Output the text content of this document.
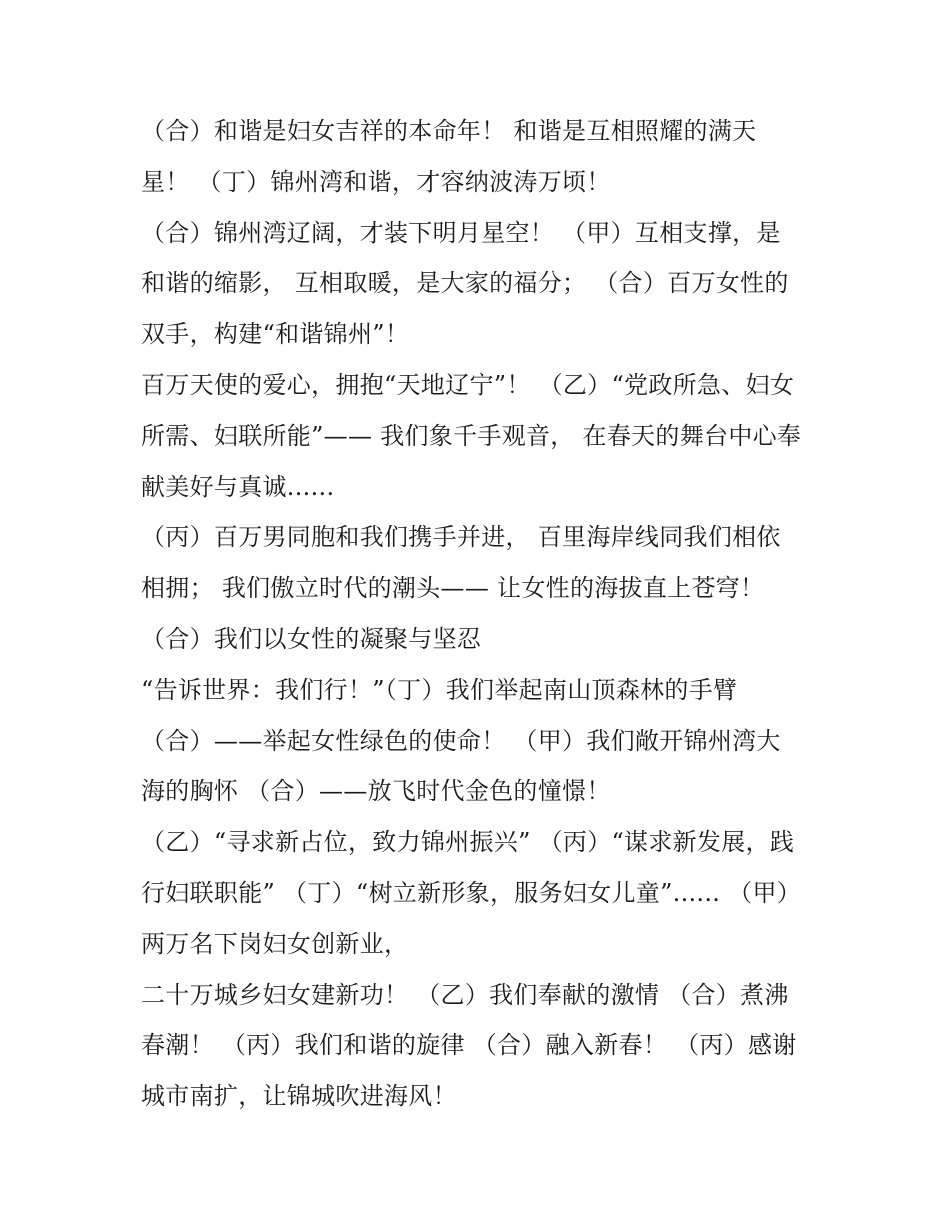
（合）和谐是妇女吉祥的本命年！ 和谐是互相照耀的满天
星！ （丁）锦州湾和谐，才容纳波涛万顷！
（合）锦州湾辽阔，才装下明月星空！ （甲）互相支撑，是
和谐的缩影， 互相取暖，是大家的福分； （合）百万女性的
双手，构建“和谐锦州”！
百万天使的爱心，拥抱“天地辽宁”！ （乙）“党政所急、妇女
所需、妇联所能”—— 我们象千手观音， 在春天的舞台中心奉
献美好与真诚......
（丙）百万男同胞和我们携手并进， 百里海岸线同我们相依
相拥； 我们傲立时代的潮头—— 让女性的海拔直上苍穹！
（合）我们以女性的凝聚与坚忍
“告诉世界：我们行！”（丁）我们举起南山顶森林的手臂
（合）——举起女性绿色的使命！ （甲）我们敞开锦州湾大
海的胸怀 （合）——放飞时代金色的憧憬！
（乙）“寻求新占位，致力锦州振兴” （丙）“谋求新发展，践
行妇联职能” （丁）“树立新形象，服务妇女儿童”...... （甲）
两万名下岗妇女创新业，
二十万城乡妇女建新功！ （乙）我们奉献的激情 （合）煮沸
春潮！ （丙）我们和谐的旋律 （合）融入新春！ （丙）感谢
城市南扩，让锦城吹进海风！
